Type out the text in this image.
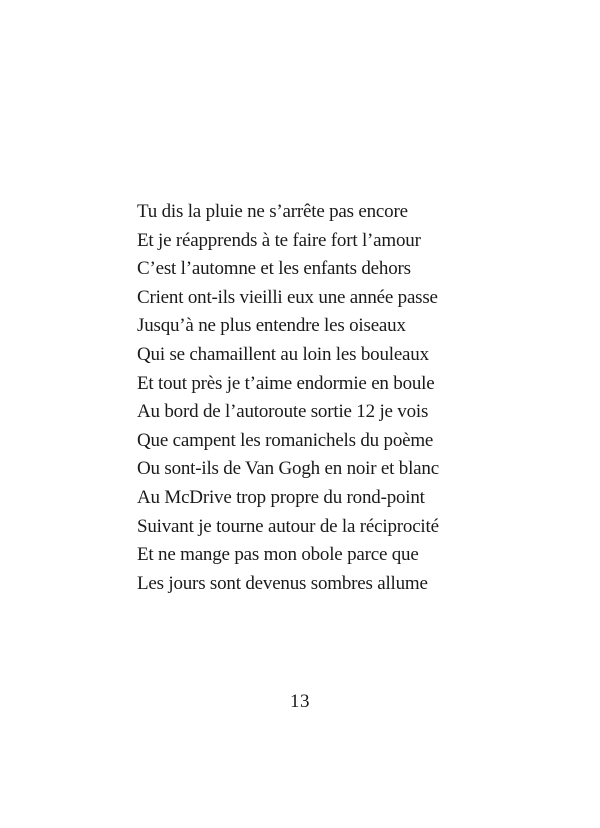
Tu dis la pluie ne s’arrête pas encore
Et je réapprends à te faire fort l’amour
C’est l’automne et les enfants dehors
Crient ont-ils vieilli eux une année passe
Jusqu’à ne plus entendre les oiseaux
Qui se chamaillent au loin les bouleaux
Et tout près je t’aime endormie en boule
Au bord de l’autoroute sortie 12 je vois
Que campent les romanichels du poème
Ou sont-ils de Van Gogh en noir et blanc
Au McDrive trop propre du rond-point
Suivant je tourne autour de la réciprocité
Et ne mange pas mon obole parce que
Les jours sont devenus sombres allume
13
